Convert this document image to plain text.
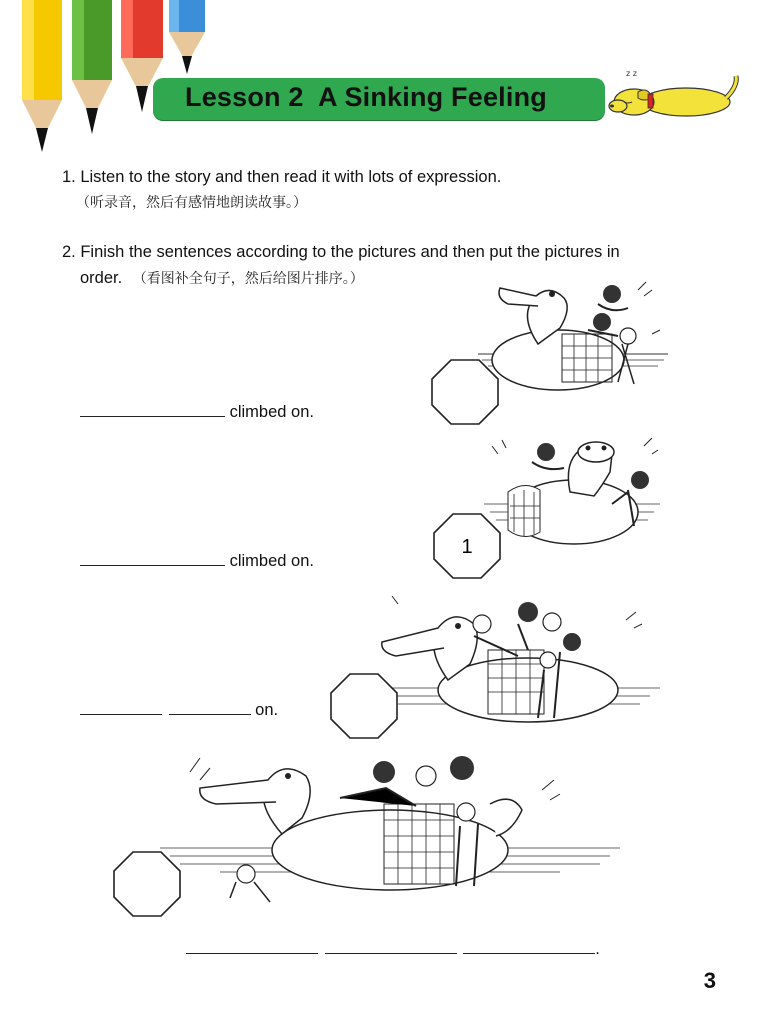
Lesson 2  A Sinking Feeling
z z
1. Listen to the story and then read it with lots of expression.
（听录音，然后有感情地朗读故事。）
2. Finish the sentences according to the pictures and then put the pictures in
order. （看图补全句子，然后给图片排序。）
climbed on.
1
climbed on.
on.
.
3
